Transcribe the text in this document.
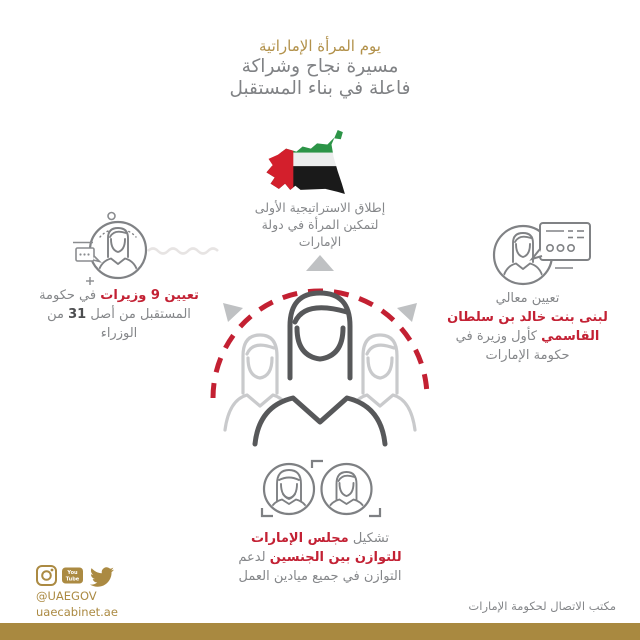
يوم المرأة الإماراتية
مسيرة نجاح وشراكة
فاعلة في بناء المستقبل
إطلاق الاستراتيجية الأولى
لتمكين المرأة في دولة
الإمارات
تعيين 9 وزيرات في حكومة
المستقبل من أصل 31 من
الوزراء
تعيين معالي
لبنى بنت خالد بن سلطان
القاسمي كأول وزيرة في
حكومة الإمارات
تشكيل مجلس الإمارات
للتوازن بين الجنسين لدعم
التوازن في جميع ميادين العمل
You
Tube
@UAEGOV
uaecabinet.ae	مكتب الاتصال لحكومة الإمارات
